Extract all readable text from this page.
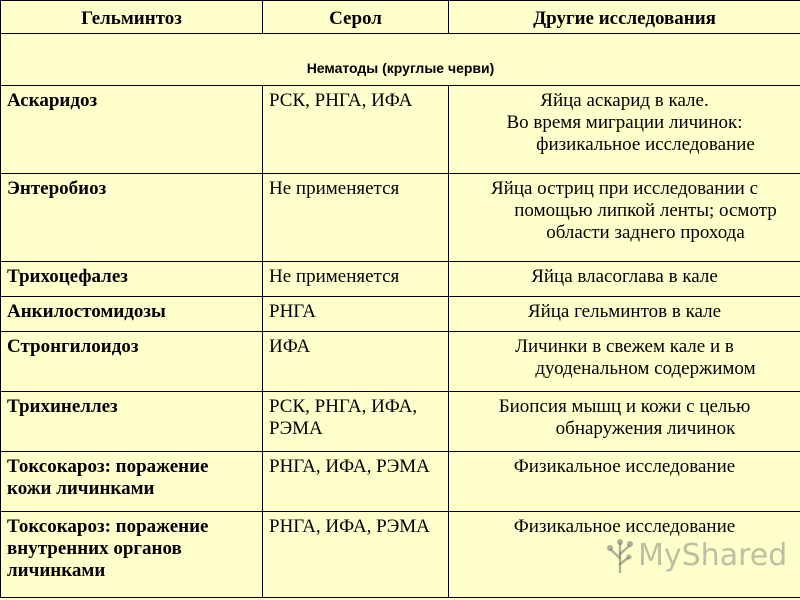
Гельминтоз	Серол	Другие исследования
Нематоды (круглые черви)		
Аскаридоз	РСК, РНГА, ИФА	Яйца аскарид в кале.
Во время миграции личинок:
физикальное исследование

Энтеробиоз	Не применяется	Яйца остриц при исследовании с
помощью липкой ленты; осмотр
области заднего прохода

Трихоцефалез	Не применяется	Яйца власоглава в кале

Анкилостомидозы	РНГА	Яйца гельминтов в кале

Стронгилоидоз	ИФА	Личинки в свежем кале и в
дуоденальном содержимом

Трихинеллез	РСК, РНГА, ИФА, РЭМА	Биопсия мышц и кожи с целью
обнаружения личинок

Токсокароз: поражение кожи личинками	РНГА, ИФА, РЭМА	Физикальное исследование

Токсокароз: поражение внутренних органов личинками	РНГА, ИФА, РЭМА	Физикальное исследование
MyShared
